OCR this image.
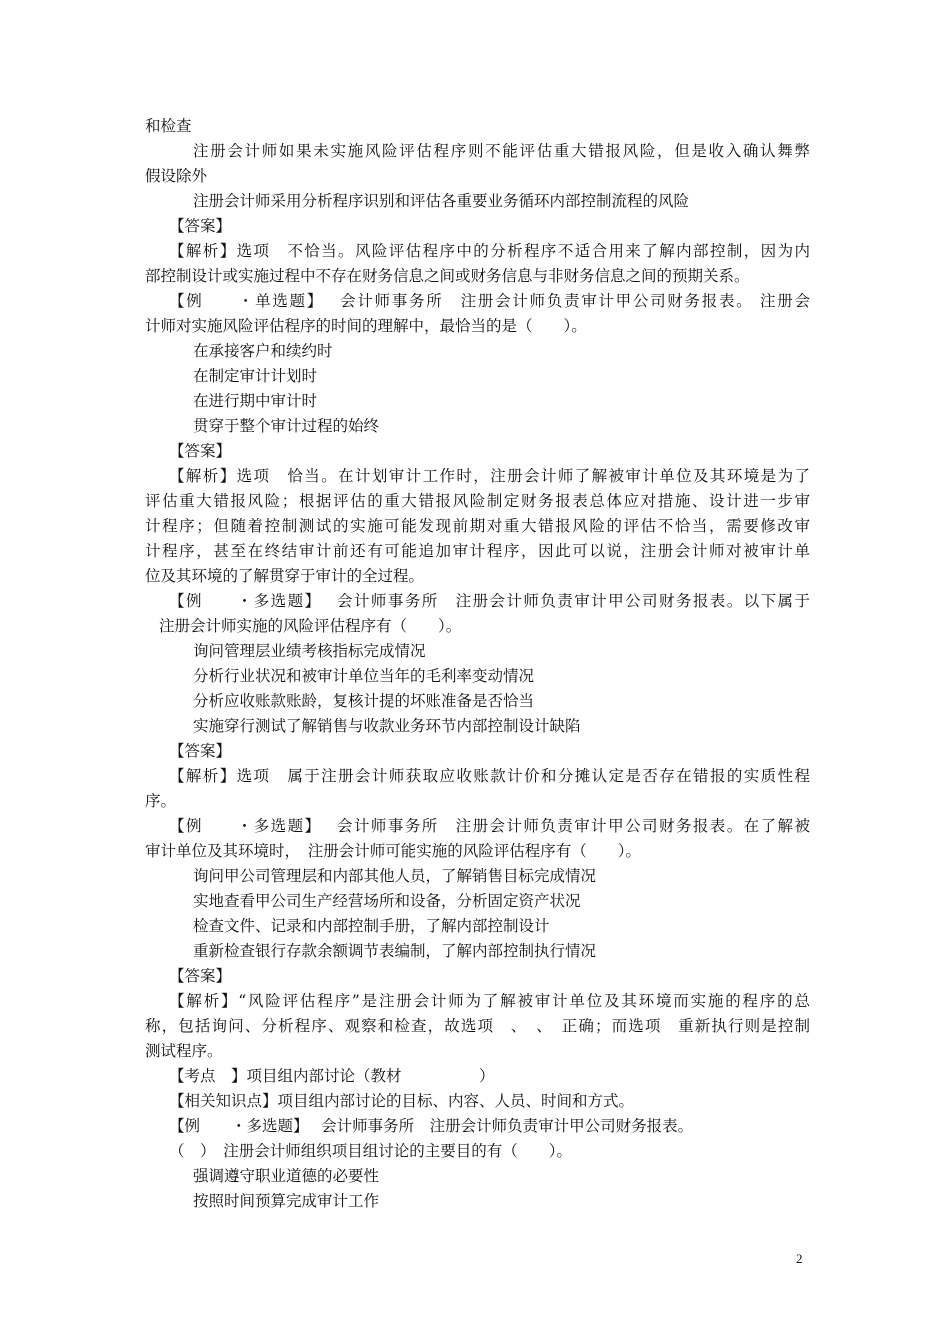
和检查
注册会计师如果未实施风险评估程序则不能评估重大错报风险，但是收入确认舞弊
假设除外
注册会计师采用分析程序识别和评估各重要业务循环内部控制流程的风险
【答案】
【解析】选项　不恰当。风险评估程序中的分析程序不适合用来了解内部控制，因为内
部控制设计或实施过程中不存在财务信息之间或财务信息与非财务信息之间的预期关系。
【例　　・单选题】　 会计师事务所　注册会计师负责审计甲公司财务报表。 注册会
计师对实施风险评估程序的时间的理解中，最恰当的是（　　）。
在承接客户和续约时
在制定审计计划时
在进行期中审计时
贯穿于整个审计过程的始终
【答案】
【解析】选项　恰当。在计划审计工作时，注册会计师了解被审计单位及其环境是为了
评估重大错报风险；根据评估的重大错报风险制定财务报表总体应对措施、设计进一步审
计程序；但随着控制测试的实施可能发现前期对重大错报风险的评估不恰当，需要修改审
计程序，甚至在终结审计前还有可能追加审计程序，因此可以说，注册会计师对被审计单
位及其环境的了解贯穿于审计的全过程。
【例　　・多选题】　 会计师事务所　注册会计师负责审计甲公司财务报表。以下属于
注册会计师实施的风险评估程序有（　　）。
询问管理层业绩考核指标完成情况
分析行业状况和被审计单位当年的毛利率变动情况
分析应收账款账龄，复核计提的坏账准备是否恰当
实施穿行测试了解销售与收款业务环节内部控制设计缺陷
【答案】
【解析】选项　属于注册会计师获取应收账款计价和分摊认定是否存在错报的实质性程
序。
【例　　・多选题】　 会计师事务所　注册会计师负责审计甲公司财务报表。在了解被
审计单位及其环境时，　注册会计师可能实施的风险评估程序有（　　）。
询问甲公司管理层和内部其他人员，了解销售目标完成情况
实地查看甲公司生产经营场所和设备，分析固定资产状况
检查文件、记录和内部控制手册，了解内部控制设计
重新检查银行存款余额调节表编制，了解内部控制执行情况
【答案】
【解析】“风险评估程序”是注册会计师为了解被审计单位及其环境而实施的程序的总
称，包括询问、分析程序、观察和检查，故选项　、　、　正确；而选项　重新执行则是控制
测试程序。
【考点　】项目组内部讨论（教材　　　　　）
【相关知识点】项目组内部讨论的目标、内容、人员、时间和方式。
【例　　・多选题】　 会计师事务所　注册会计师负责审计甲公司财务报表。
（　）　注册会计师组织项目组讨论的主要目的有（　　）。
强调遵守职业道德的必要性
按照时间预算完成审计工作
2
